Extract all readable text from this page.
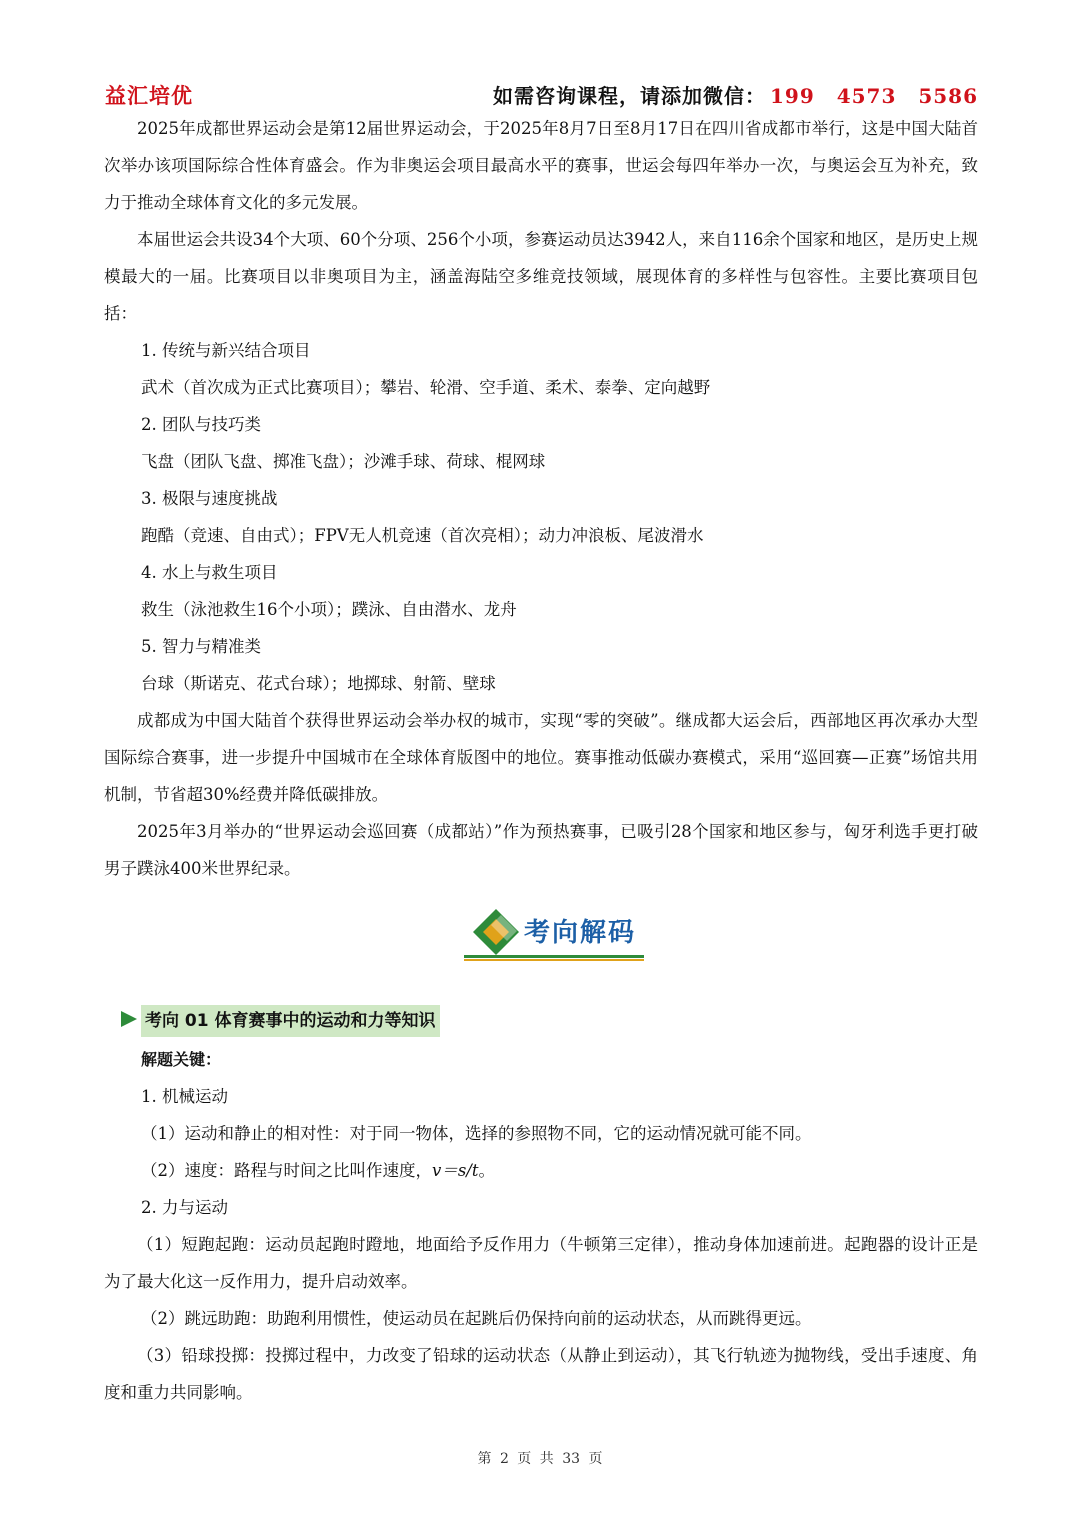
益汇培优	如需咨询课程，请添加微信： 199 4573 5586

2025年成都世界运动会是第12届世界运动会，于2025年8月7日至8月17日在四川省成都市举行，这是中国大陆首次举办该项国际综合性体育盛会。作为非奥运会项目最高水平的赛事，世运会每四年举办一次，与奥运会互为补充，致力于推动全球体育文化的多元发展。

本届世运会共设34个大项、60个分项、256个小项，参赛运动员达3942人，来自116余个国家和地区，是历史上规模最大的一届。比赛项目以非奥项目为主，涵盖海陆空多维竞技领域，展现体育的多样性与包容性。主要比赛项目包括：

1. 传统与新兴结合项目

武术（首次成为正式比赛项目）；攀岩、轮滑、空手道、柔术、泰拳、定向越野

2. 团队与技巧类

飞盘（团队飞盘、掷准飞盘）；沙滩手球、荷球、棍网球

3. 极限与速度挑战

跑酷（竞速、自由式）；FPV无人机竞速（首次亮相）；动力冲浪板、尾波滑水

4. 水上与救生项目

救生（泳池救生16个小项）；蹼泳、自由潜水、龙舟

5. 智力与精准类

台球（斯诺克、花式台球）；地掷球、射箭、壁球

成都成为中国大陆首个获得世界运动会举办权的城市，实现“零的突破”。继成都大运会后，西部地区再次承办大型国际综合赛事，进一步提升中国城市在全球体育版图中的地位。赛事推动低碳办赛模式，采用“巡回赛—正赛”场馆共用机制，节省超30%经费并降低碳排放。

2025年3月举办的“世界运动会巡回赛（成都站）”作为预热赛事，已吸引28个国家和地区参与，匈牙利选手更打破男子蹼泳400米世界纪录。

考向解码
考向 01 体育赛事中的运动和力等知识

解题关键：

1. 机械运动

（1）运动和静止的相对性：对于同一物体，选择的参照物不同，它的运动情况就可能不同。

（2）速度：路程与时间之比叫作速度，v＝s/t。

2. 力与运动

（1）短跑起跑：运动员起跑时蹬地，地面给予反作用力（牛顿第三定律），推动身体加速前进。起跑器的设计正是为了最大化这一反作用力，提升启动效率。

（2）跳远助跑：助跑利用惯性，使运动员在起跳后仍保持向前的运动状态，从而跳得更远。

（3）铅球投掷：投掷过程中，力改变了铅球的运动状态（从静止到运动），其飞行轨迹为抛物线，受出手速度、角度和重力共同影响。

第 2 页 共 33 页
